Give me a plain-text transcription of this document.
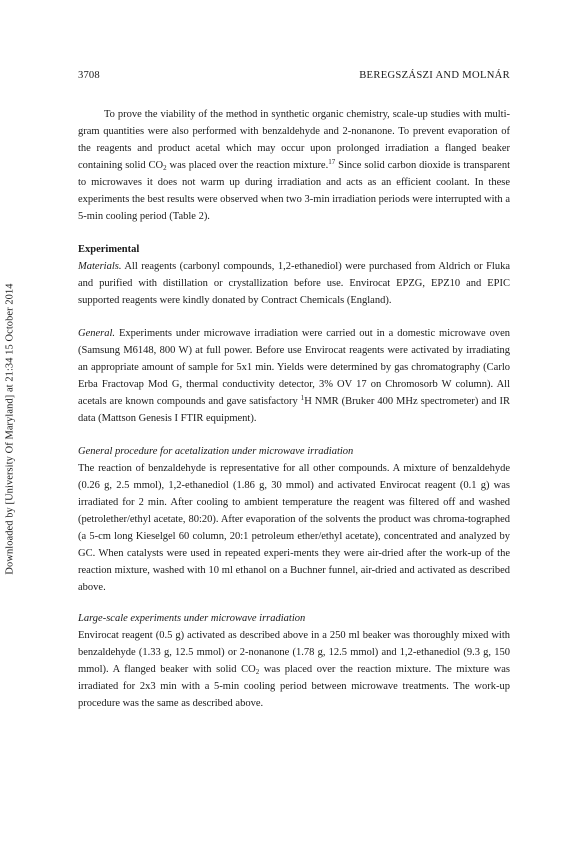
3708	BEREGSZÁSZI AND MOLNÁR
Downloaded by [University Of Maryland] at 21:34 15 October 2014

To prove the viability of the method in synthetic organic chemistry, scale-up studies with multi-gram quantities were also performed with benzaldehyde and 2-nonanone. To prevent evaporation of the reagents and product acetal which may occur upon prolonged irradiation a flanged beaker containing solid $CO_2$ was placed over the reaction mixture.$^{17}$ Since solid carbon dioxide is transparent to microwaves it does not warm up during irradiation and acts as an efficient coolant. In these experiments the best results were observed when two 3-min irradiation periods were interrupted with a 5-min cooling period (Table 2).

Experimental

Materials. All reagents (carbonyl compounds, 1,2-ethanediol) were purchased from Aldrich or Fluka and purified with distillation or crystallization before use. Envirocat EPZG, EPZ10 and EPIC supported reagents were kindly donated by Contract Chemicals (England).

General. Experiments under microwave irradiation were carried out in a domestic microwave oven (Samsung M6148, 800 W) at full power. Before use Envirocat reagents were activated by irradiating an appropriate amount of sample for 5x1 min. Yields were determined by gas chromatography (Carlo Erba Fractovap Mod G, thermal conductivity detector, 3% OV 17 on Chromosorb W column). All acetals are known compounds and gave satisfactory $^1$H NMR (Bruker 400 MHz spectrometer) and IR data (Mattson Genesis I FTIR equipment).

General procedure for acetalization under microwave irradiation

The reaction of benzaldehyde is representative for all other compounds. A mixture of benzaldehyde (0.26 g, 2.5 mmol), 1,2-ethanediol (1.86 g, 30 mmol) and activated Envirocat reagent (0.1 g) was irradiated for 2 min. After cooling to ambient temperature the reagent was filtered off and washed (petrolether/ethyl acetate, 80:20). After evaporation of the solvents the product was chroma-tographed (a 5-cm long Kieselgel 60 column, 20:1 petroleum ether/ethyl acetate), concentrated and analyzed by GC. When catalysts were used in repeated experi-ments they were air-dried after the work-up of the reaction mixture, washed with 10 ml ethanol on a Buchner funnel, air-dried and activated as described above.

Large-scale experiments under microwave irradiation

Envirocat reagent (0.5 g) activated as described above in a 250 ml beaker was thoroughly mixed with benzaldehyde (1.33 g, 12.5 mmol) or 2-nonanone (1.78 g, 12.5 mmol) and 1,2-ethanediol (9.3 g, 150 mmol). A flanged beaker with solid $CO_2$ was placed over the reaction mixture. The mixture was irradiated for 2x3 min with a 5-min cooling period between microwave treatments. The work-up procedure was the same as described above.
